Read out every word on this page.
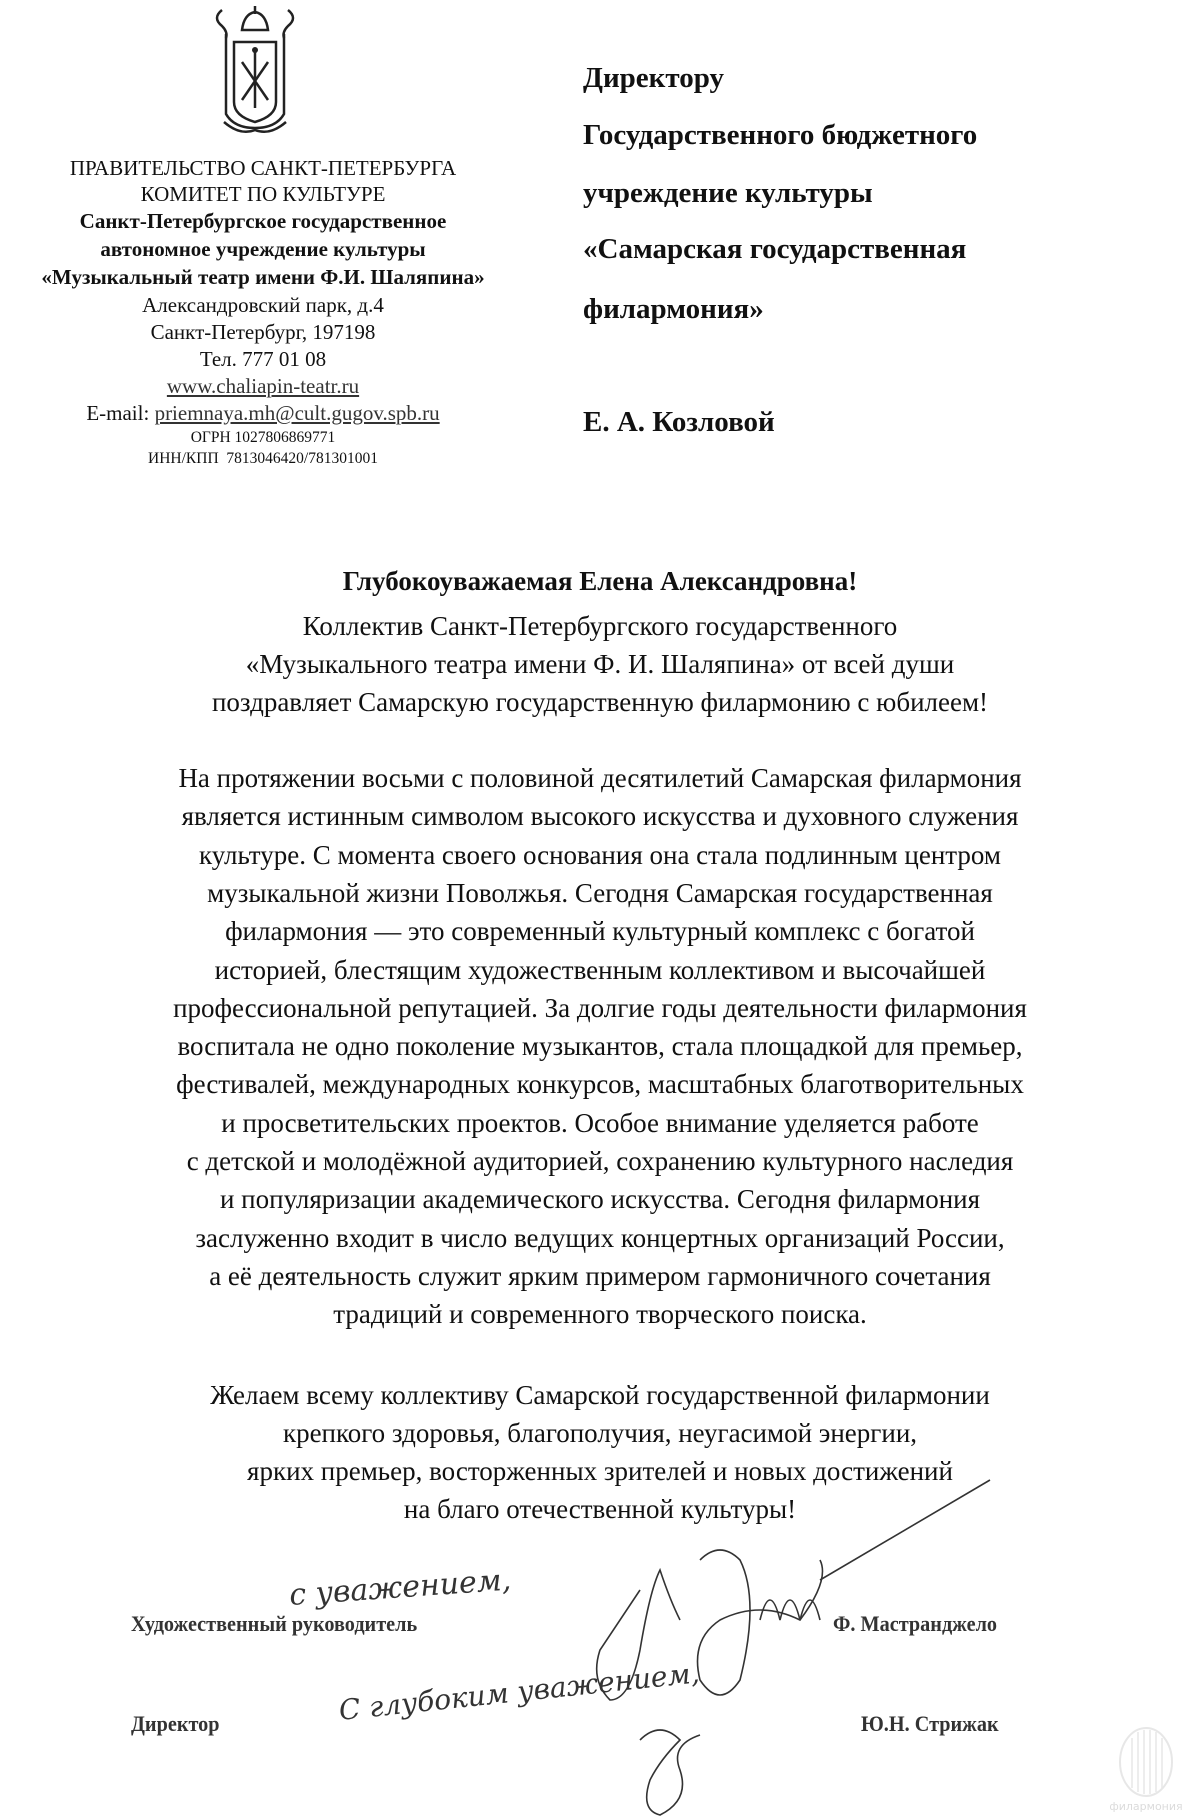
ПРАВИТЕЛЬСТВО САНКТ-ПЕТЕРБУРГА
КОМИТЕТ ПО КУЛЬТУРЕ
Санкт-Петербургское государственное
автономное учреждение культуры
«Музыкальный театр имени Ф.И. Шаляпина»
Александровский парк, д.4
Санкт-Петербург, 197198
Тел. 777 01 08
www.chaliapin-teatr.ru
E-mail: priemnaya.mh@cult.gugov.spb.ru
ОГРН 1027806869771
ИНН/КПП  7813046420/781301001
Директору
Государственного бюджетного
учреждение культуры
«Самарская государственная
филармония»
Е. А. Козловой
Глубокоуважаемая Елена Александровна!
Коллектив Санкт-Петербургского государственного
«Музыкального театра имени Ф. И. Шаляпина» от всей души
поздравляет Самарскую государственную филармонию с юбилеем!
На протяжении восьми с половиной десятилетий Самарская филармония
является истинным символом высокого искусства и духовного служения
культуре. С момента своего основания она стала подлинным центром
музыкальной жизни Поволжья. Сегодня Самарская государственная
филармония — это современный культурный комплекс с богатой
историей, блестящим художественным коллективом и высочайшей
профессиональной репутацией. За долгие годы деятельности филармония
воспитала не одно поколение музыкантов, стала площадкой для премьер,
фестивалей, международных конкурсов, масштабных благотворительных
и просветительских проектов. Особое внимание уделяется работе
с детской и молодёжной аудиторией, сохранению культурного наследия
и популяризации академического искусства. Сегодня филармония
заслуженно входит в число ведущих концертных организаций России,
а её деятельность служит ярким примером гармоничного сочетания
традиций и современного творческого поиска.
Желаем всему коллективу Самарской государственной филармонии
крепкого здоровья, благополучия, неугасимой энергии,
ярких премьер, восторженных зрителей и новых достижений
на благо отечественной культуры!
Художественный руководитель	Ф. Мастранджело
Директор	Ю.Н. Стрижак
с уважением,
С глубоким уважением,
филармония
